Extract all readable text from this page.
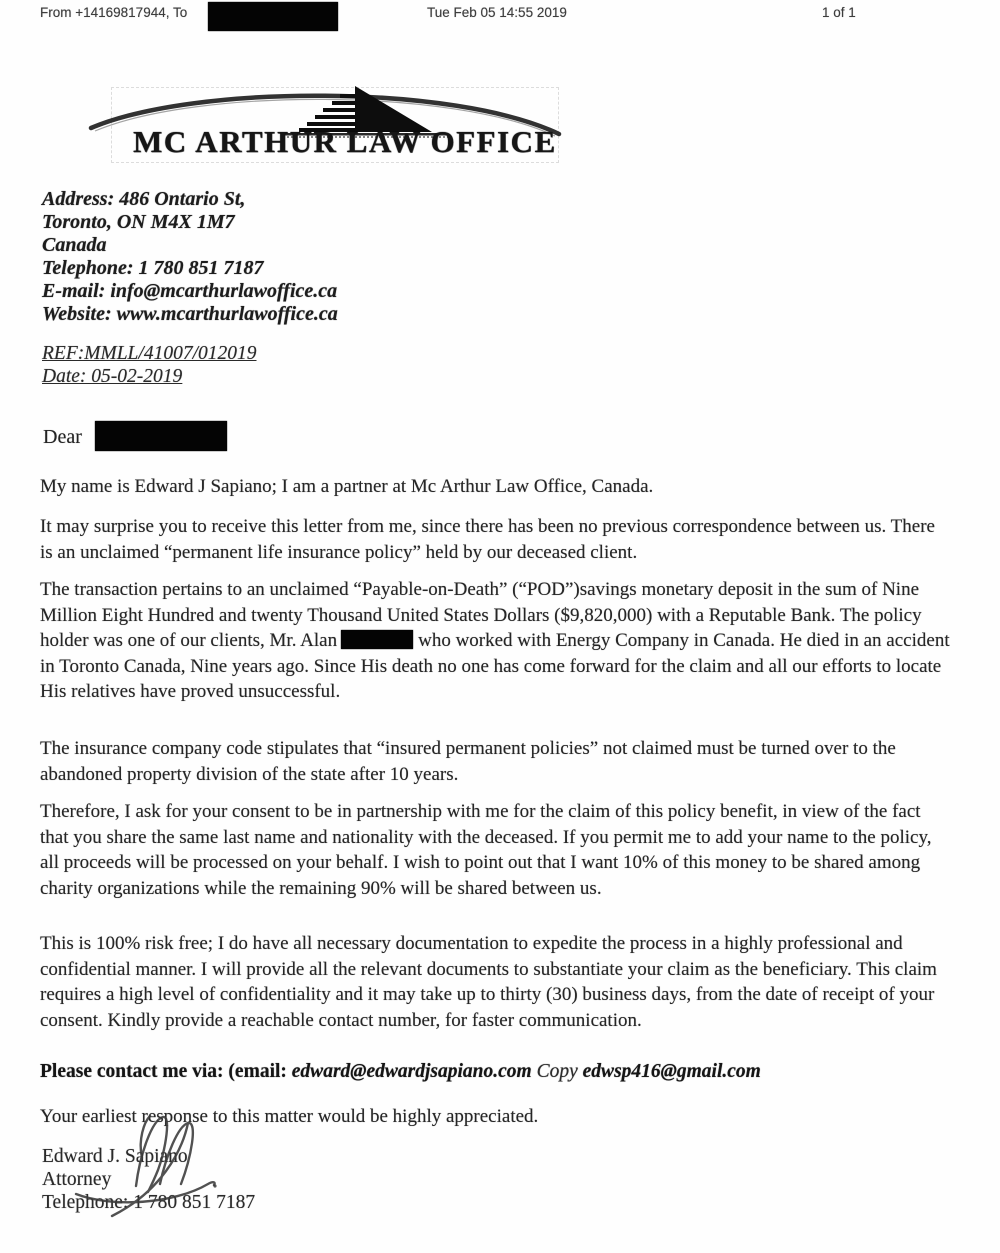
From +14169817944, To	Tue Feb 05 14:55 2019	1 of 1
MC ARTHUR LAW OFFICE
Address: 486 Ontario St,
Toronto, ON M4X 1M7
Canada
Telephone: 1 780 851 7187
E-mail: info@mcarthurlawoffice.ca
Website: www.mcarthurlawoffice.ca
REF:MMLL/41007/012019
Date: 05-02-2019
Dear
My name is Edward J Sapiano; I am a partner at Mc Arthur Law Office, Canada.
It may surprise you to receive this letter from me, since there has been no previous correspondence between us. There is an unclaimed “permanent life insurance policy” held by our deceased client.
The transaction pertains to an unclaimed “Payable-on-Death” (“POD”)savings monetary deposit in the sum of Nine Million Eight Hundred and twenty Thousand United States Dollars ($9,820,000) with a Reputable Bank. The policy holder was one of our clients, Mr. Alan	who worked with Energy Company in Canada. He died in an accident in Toronto Canada, Nine years ago. Since His death no one has come forward for the claim and all our efforts to locate His relatives have proved unsuccessful.
The insurance company code stipulates that “insured permanent policies” not claimed must be turned over to the abandoned property division of the state after 10 years.
Therefore, I ask for your consent to be in partnership with me for the claim of this policy benefit, in view of the fact that you share the same last name and nationality with the deceased. If you permit me to add your name to the policy, all proceeds will be processed on your behalf. I wish to point out that I want 10% of this money to be shared among charity organizations while the remaining 90% will be shared between us.
This is 100% risk free; I do have all necessary documentation to expedite the process in a highly professional and confidential manner. I will provide all the relevant documents to substantiate your claim as the beneficiary. This claim requires a high level of confidentiality and it may take up to thirty (30) business days, from the date of receipt of your consent. Kindly provide a reachable contact number, for faster communication.
Please contact me via: (email: edward@edwardjsapiano.com Copy edwsp416@gmail.com
Your earliest response to this matter would be highly appreciated.
Edward J. Sapiano
Attorney
Telephone: 1 780 851 7187
